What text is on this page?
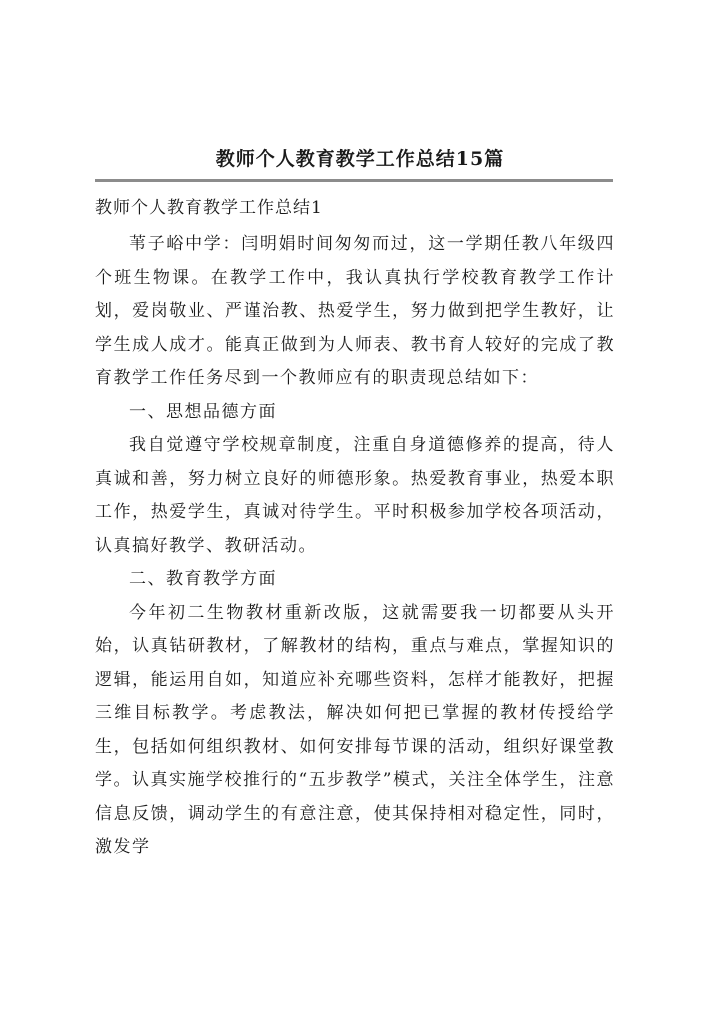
教师个人教育教学工作总结15篇
教师个人教育教学工作总结1

苇子峪中学：闫明娟时间匆匆而过，这一学期任教八年级四个班生物课。在教学工作中，我认真执行学校教育教学工作计划，爱岗敬业、严谨治教、热爱学生，努力做到把学生教好，让学生成人成才。能真正做到为人师表、教书育人较好的完成了教育教学工作任务尽到一个教师应有的职责现总结如下：

一、思想品德方面

我自觉遵守学校规章制度，注重自身道德修养的提高，待人真诚和善，努力树立良好的师德形象。热爱教育事业，热爱本职工作，热爱学生，真诚对待学生。平时积极参加学校各项活动，认真搞好教学、教研活动。

二、教育教学方面

今年初二生物教材重新改版，这就需要我一切都要从头开始，认真钻研教材，了解教材的结构，重点与难点，掌握知识的逻辑，能运用自如，知道应补充哪些资料，怎样才能教好，把握三维目标教学。考虑教法，解决如何把已掌握的教材传授给学生，包括如何组织教材、如何安排每节课的活动，组织好课堂教学。认真实施学校推行的“五步教学”模式，关注全体学生，注意信息反馈，调动学生的有意注意，使其保持相对稳定性，同时，激发学
